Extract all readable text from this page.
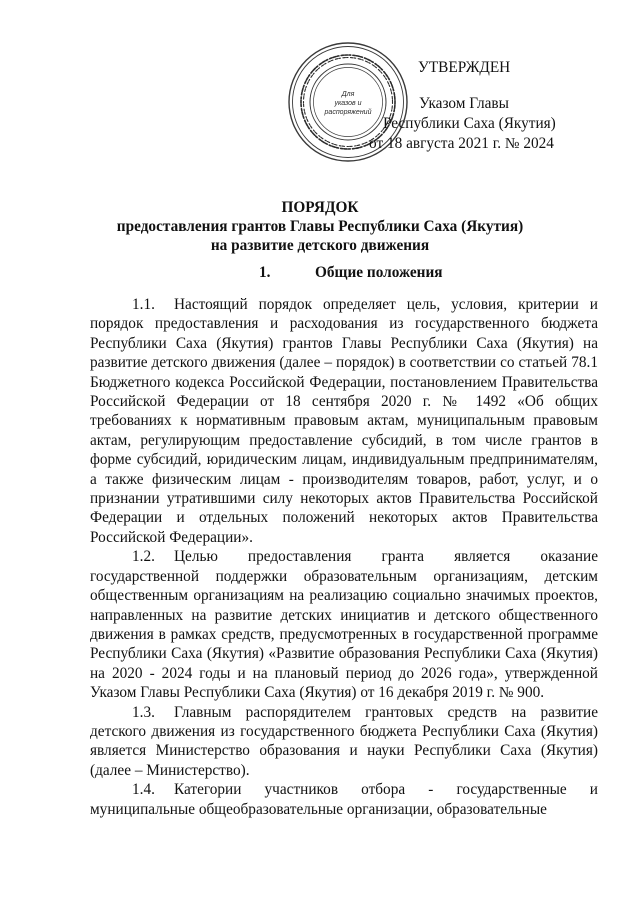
Для
указов и
распоряжений
УТВЕРЖДЕН
Указом Главы
Республики Саха (Якутия)
от 18 августа 2021 г. № 2024
ПОРЯДОК
предоставления грантов Главы Республики Саха (Якутия)
на развитие детского движения
1.	Общие положения

1.1. Настоящий порядок определяет цель, условия, критерии и порядок предоставления и расходования из государственного бюджета Республики Саха (Якутия) грантов Главы Республики Саха (Якутия) на развитие детского движения (далее – порядок) в соответствии со статьей 78.1 Бюджетного кодекса Российской Федерации, постановлением Правительства Российской Федерации от 18 сентября 2020 г. № 1492 «Об общих требованиях к нормативным правовым актам, муниципальным правовым актам, регулирующим предоставление субсидий, в том числе грантов в форме субсидий, юридическим лицам, индивидуальным предпринимателям, а также физическим лицам - производителям товаров, работ, услуг, и о признании утратившими силу некоторых актов Правительства Российской Федерации и отдельных положений некоторых актов Правительства Российской Федерации».

1.2. Целью предоставления гранта является оказание государственной поддержки образовательным организациям, детским общественным организациям на реализацию социально значимых проектов, направленных на развитие детских инициатив и детского общественного движения в рамках средств, предусмотренных в государственной программе Республики Саха (Якутия) «Развитие образования Республики Саха (Якутия) на 2020 - 2024 годы и на плановый период до 2026 года», утвержденной Указом Главы Республики Саха (Якутия) от 16 декабря 2019 г. № 900.

1.3. Главным распорядителем грантовых средств на развитие детского движения из государственного бюджета Республики Саха (Якутия) является Министерство образования и науки Республики Саха (Якутия) (далее – Министерство).

1.4. Категории участников отбора - государственные и муниципальные общеобразовательные организации, образовательные
